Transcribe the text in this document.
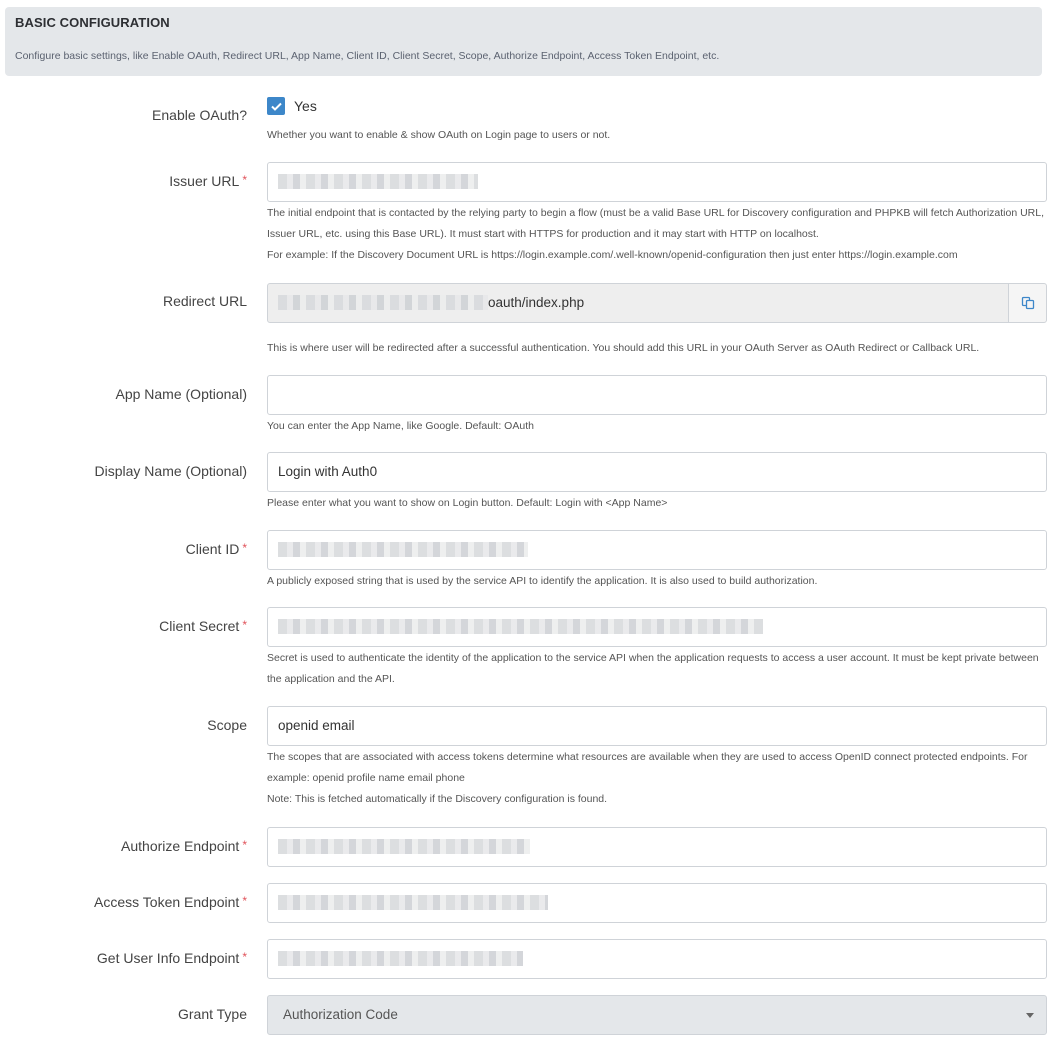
BASIC CONFIGURATION
Configure basic settings, like Enable OAuth, Redirect URL, App Name, Client ID, Client Secret, Scope, Authorize Endpoint, Access Token Endpoint, etc.
Enable OAuth?
Yes
Whether you want to enable & show OAuth on Login page to users or not.
Issuer URL *
The initial endpoint that is contacted by the relying party to begin a flow (must be a valid Base URL for Discovery configuration and PHPKB will fetch Authorization URL, Issuer URL, etc. using this Base URL). It must start with HTTPS for production and it may start with HTTP on localhost.
For example: If the Discovery Document URL is https://login.example.com/.well-known/openid-configuration then just enter https://login.example.com
Redirect URL	oauth/index.php
This is where user will be redirected after a successful authentication. You should add this URL in your OAuth Server as OAuth Redirect or Callback URL.
App Name (Optional)
You can enter the App Name, like Google. Default: OAuth
Display Name (Optional)	Login with Auth0
Please enter what you want to show on Login button. Default: Login with <App Name>
Client ID *
A publicly exposed string that is used by the service API to identify the application. It is also used to build authorization.
Client Secret *
Secret is used to authenticate the identity of the application to the service API when the application requests to access a user account. It must be kept private between the application and the API.
Scope	openid email
The scopes that are associated with access tokens determine what resources are available when they are used to access OpenID connect protected endpoints. For example: openid profile name email phone
Note: This is fetched automatically if the Discovery configuration is found.
Authorize Endpoint *
Access Token Endpoint *
Get User Info Endpoint *
Grant Type	Authorization Code
